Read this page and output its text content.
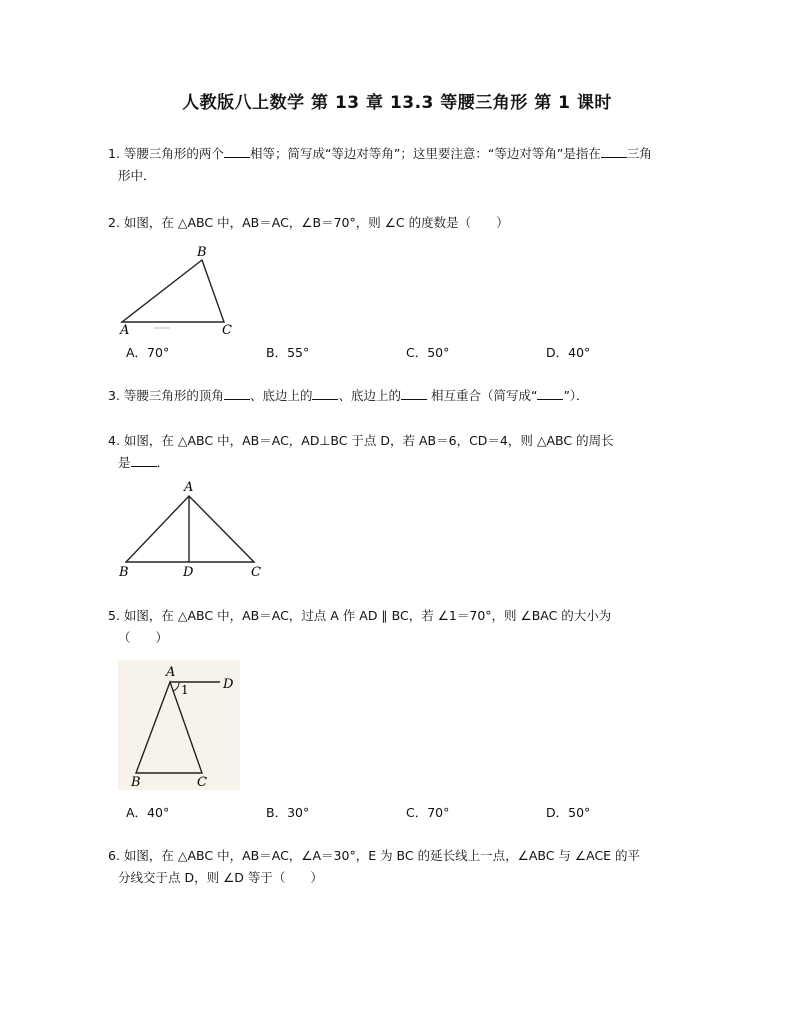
人教版八上数学 第 13 章 13.3 等腰三角形 第 1 课时
1. 等腰三角形的两个 相等；简写成“等边对等角”；这里要注意：“等边对等角”是指在 三角
形中．
2. 如图，在 △ABC 中，AB＝AC，∠B＝70°，则 ∠C 的度数是（　　）
A
B
C
A．70°	B．55°	C．50°	D．40°
3. 等腰三角形的顶角 、底边上的 、底边上的 相互重合（简写成“ ”）．
4. 如图，在 △ABC 中，AB＝AC，AD⊥BC 于点 D，若 AB＝6，CD＝4，则 △ABC 的周长
是 ．
A
B	D	C
5. 如图，在 △ABC 中，AB＝AC，过点 A 作 AD ∥ BC，若 ∠1＝70°，则 ∠BAC 的大小为
（　　）
A
1	D
B	C
A．40°	B．30°	C．70°	D．50°
6. 如图，在 △ABC 中，AB＝AC，∠A＝30°，E 为 BC 的延长线上一点，∠ABC 与 ∠ACE 的平
分线交于点 D，则 ∠D 等于（　　）
